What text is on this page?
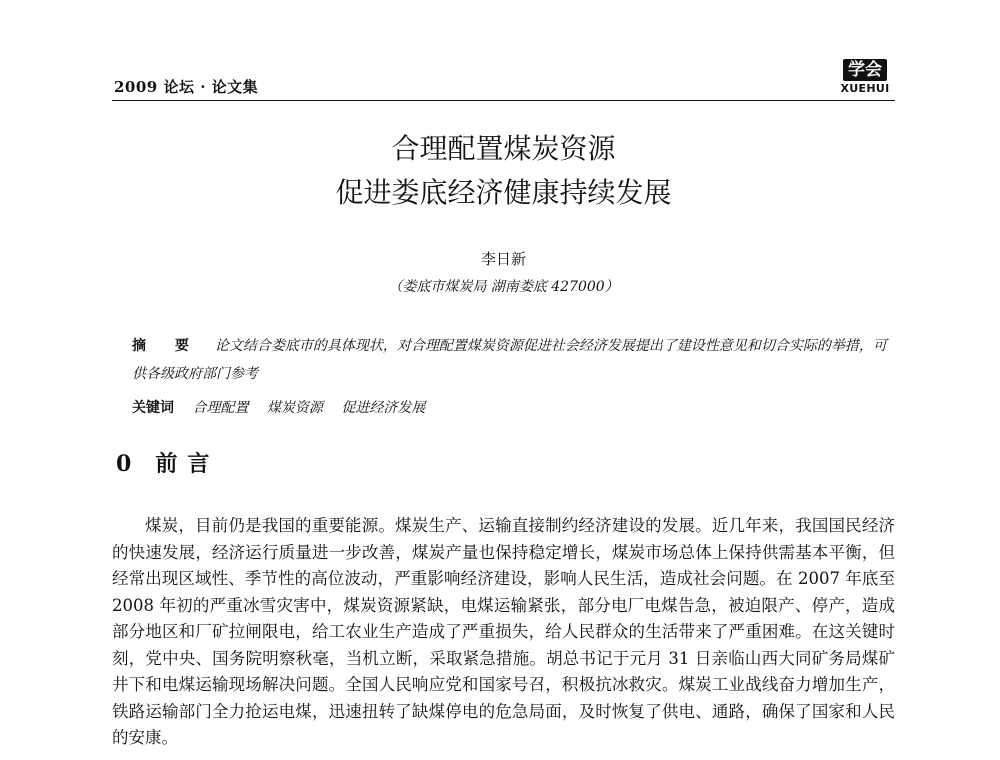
2009 论坛 · 论文集
学会
XUEHUI
合理配置煤炭资源
促进娄底经济健康持续发展
李日新
（娄底市煤炭局 湖南娄底 427000）
摘 要 论文结合娄底市的具体现状，对合理配置煤炭资源促进社会经济发展提出了建设性意见和切合实际的举措，可供各级政府部门参考
关键词 合理配置 煤炭资源 促进经济发展
0 前言
煤炭，目前仍是我国的重要能源。煤炭生产、运输直接制约经济建设的发展。近几年来，我国国民经济的快速发展，经济运行质量进一步改善，煤炭产量也保持稳定增长，煤炭市场总体上保持供需基本平衡，但经常出现区域性、季节性的高位波动，严重影响经济建设，影响人民生活，造成社会问题。在 2007 年底至 2008 年初的严重冰雪灾害中，煤炭资源紧缺，电煤运输紧张，部分电厂电煤告急，被迫限产、停产，造成部分地区和厂矿拉闸限电，给工农业生产造成了严重损失，给人民群众的生活带来了严重困难。在这关键时刻，党中央、国务院明察秋毫，当机立断，采取紧急措施。胡总书记于元月 31 日亲临山西大同矿务局煤矿井下和电煤运输现场解决问题。全国人民响应党和国家号召，积极抗冰救灾。煤炭工业战线奋力增加生产，铁路运输部门全力抢运电煤，迅速扭转了缺煤停电的危急局面，及时恢复了供电、通路，确保了国家和人民的安康。
